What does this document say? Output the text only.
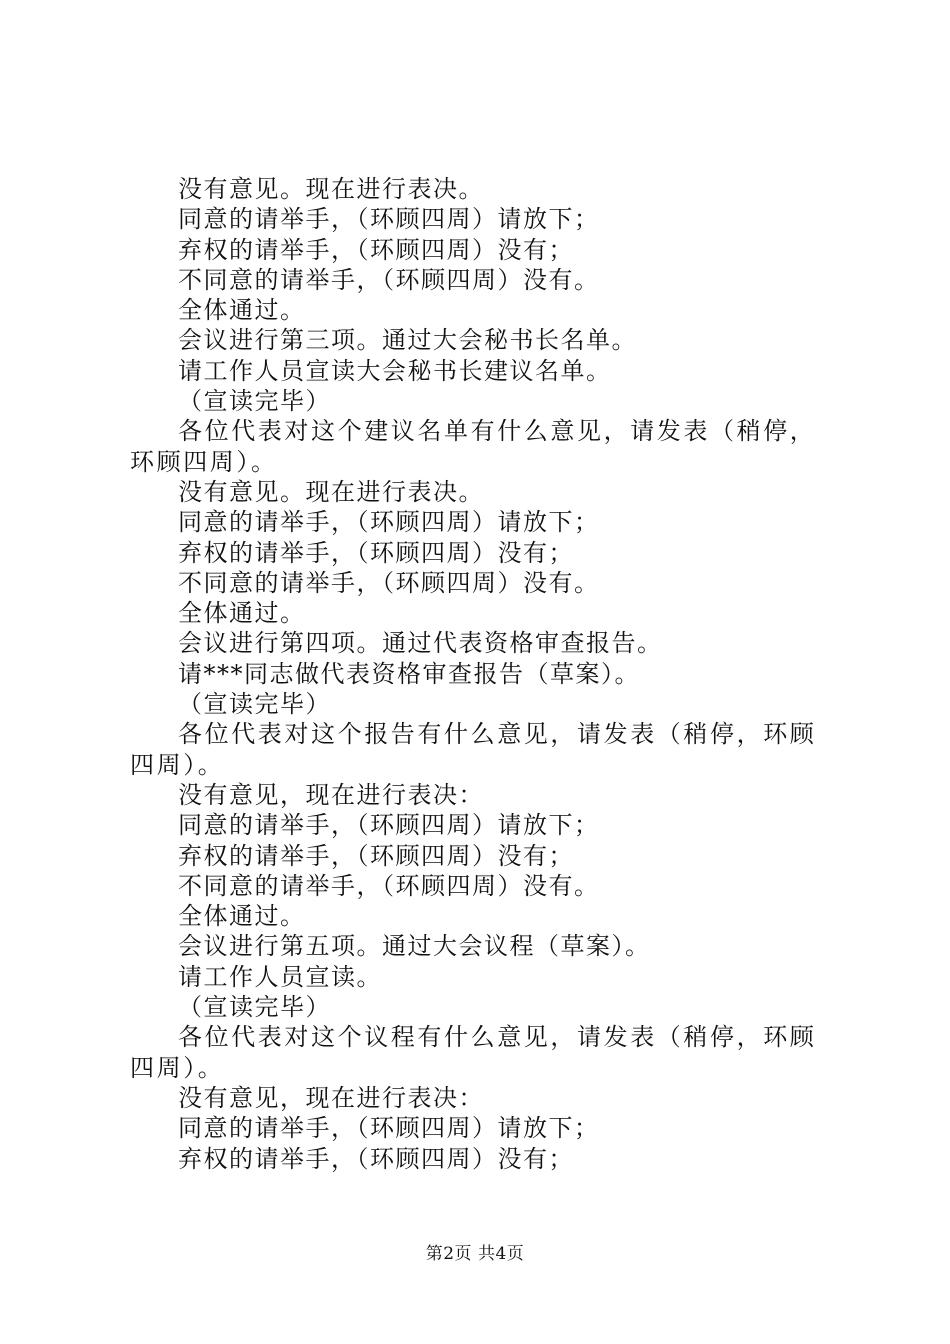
没有意见。现在进行表决。

同意的请举手，（环顾四周）请放下；

弃权的请举手，（环顾四周）没有；

不同意的请举手，（环顾四周）没有。

全体通过。

会议进行第三项。通过大会秘书长名单。

请工作人员宣读大会秘书长建议名单。

（宣读完毕）

各位代表对这个建议名单有什么意见，请发表（稍停，环顾四周）。

没有意见。现在进行表决。

同意的请举手，（环顾四周）请放下；

弃权的请举手，（环顾四周）没有；

不同意的请举手，（环顾四周）没有。

全体通过。

会议进行第四项。通过代表资格审查报告。

请***同志做代表资格审查报告（草案）。

（宣读完毕）

各位代表对这个报告有什么意见，请发表（稍停，环顾四周）。

没有意见，现在进行表决：

同意的请举手，（环顾四周）请放下；

弃权的请举手，（环顾四周）没有；

不同意的请举手，（环顾四周）没有。

全体通过。

会议进行第五项。通过大会议程（草案）。

请工作人员宣读。

（宣读完毕）

各位代表对这个议程有什么意见，请发表（稍停，环顾四周）。

没有意见，现在进行表决：

同意的请举手，（环顾四周）请放下；

弃权的请举手，（环顾四周）没有；

第2页 共4页
